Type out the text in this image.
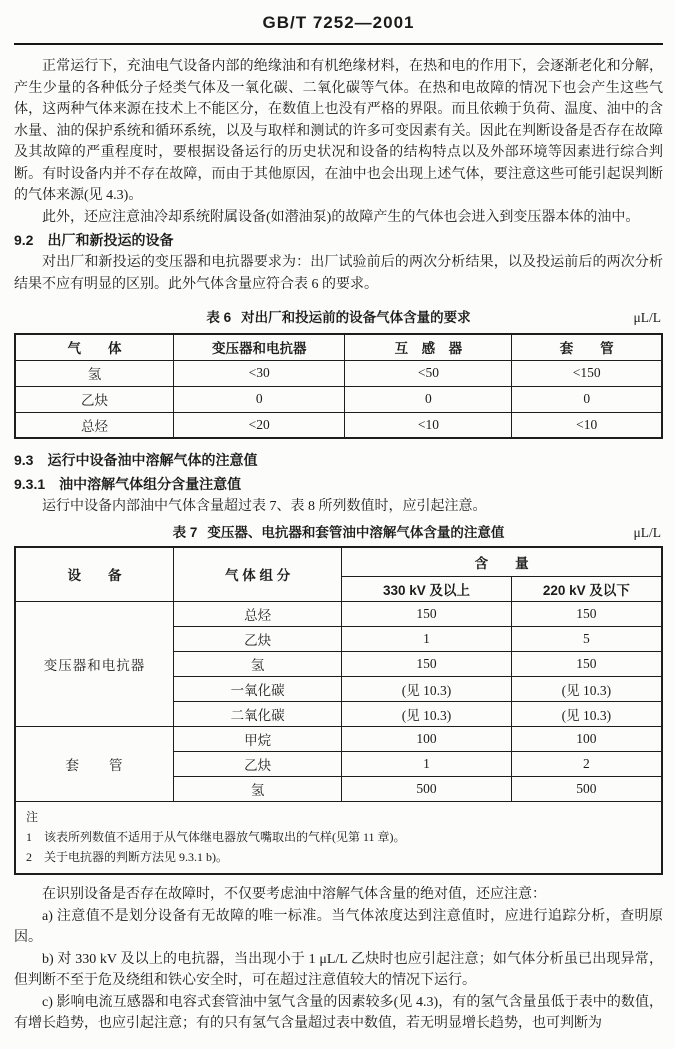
GB/T 7252—2001

正常运行下，充油电气设备内部的绝缘油和有机绝缘材料，在热和电的作用下，会逐渐老化和分解，产生少量的各种低分子烃类气体及一氧化碳、二氧化碳等气体。在热和电故障的情况下也会产生这些气体，这两种气体来源在技术上不能区分，在数值上也没有严格的界限。而且依赖于负荷、温度、油中的含水量、油的保护系统和循环系统，以及与取样和测试的许多可变因素有关。因此在判断设备是否存在故障及其故障的严重程度时，要根据设备运行的历史状况和设备的结构特点以及外部环境等因素进行综合判断。有时设备内并不存在故障，而由于其他原因，在油中也会出现上述气体，要注意这些可能引起误判断的气体来源(见 4.3)。

此外，还应注意油冷却系统附属设备(如潜油泵)的故障产生的气体也会进入到变压器本体的油中。

9.2 出厂和新投运的设备

对出厂和新投运的变压器和电抗器要求为：出厂试验前后的两次分析结果，以及投运前后的两次分析结果不应有明显的区别。此外气体含量应符合表 6 的要求。

表 6 对出厂和投运前的设备气体含量的要求	μL/L
气　　体	变压器和电抗器	互　感　器	套　　管
氢	<30	<50	<150
乙炔	0	0	0
总烃	<20	<10	<10
9.3 运行中设备油中溶解气体的注意值
9.3.1 油中溶解气体组分含量注意值

运行中设备内部油中气体含量超过表 7、表 8 所列数值时，应引起注意。

表 7 变压器、电抗器和套管油中溶解气体含量的注意值	μL/L
设　　备	气 体 组 分	含　　量	
		330 kV 及以上	220 kV 及以下
变压器和电抗器	总烃	150	150
	乙炔	1	5
	氢	150	150
	一氧化碳	(见 10.3)	(见 10.3)
	二氧化碳	(见 10.3)	(见 10.3)
套　　管	甲烷	100	100
	乙炔	1	2
	氢	500	500

注
1　该表所列数值不适用于从气体继电器放气嘴取出的气样(见第 11 章)。
2　关于电抗器的判断方法见 9.3.1 b)。			

在识别设备是否存在故障时，不仅要考虑油中溶解气体含量的绝对值，还应注意：

a) 注意值不是划分设备有无故障的唯一标准。当气体浓度达到注意值时，应进行追踪分析，查明原因。

b) 对 330 kV 及以上的电抗器，当出现小于 1 μL/L 乙炔时也应引起注意；如气体分析虽已出现异常，但判断不至于危及绕组和铁心安全时，可在超过注意值较大的情况下运行。

c) 影响电流互感器和电容式套管油中氢气含量的因素较多(见 4.3)，有的氢气含量虽低于表中的数值，有增长趋势，也应引起注意；有的只有氢气含量超过表中数值，若无明显增长趋势，也可判断为
